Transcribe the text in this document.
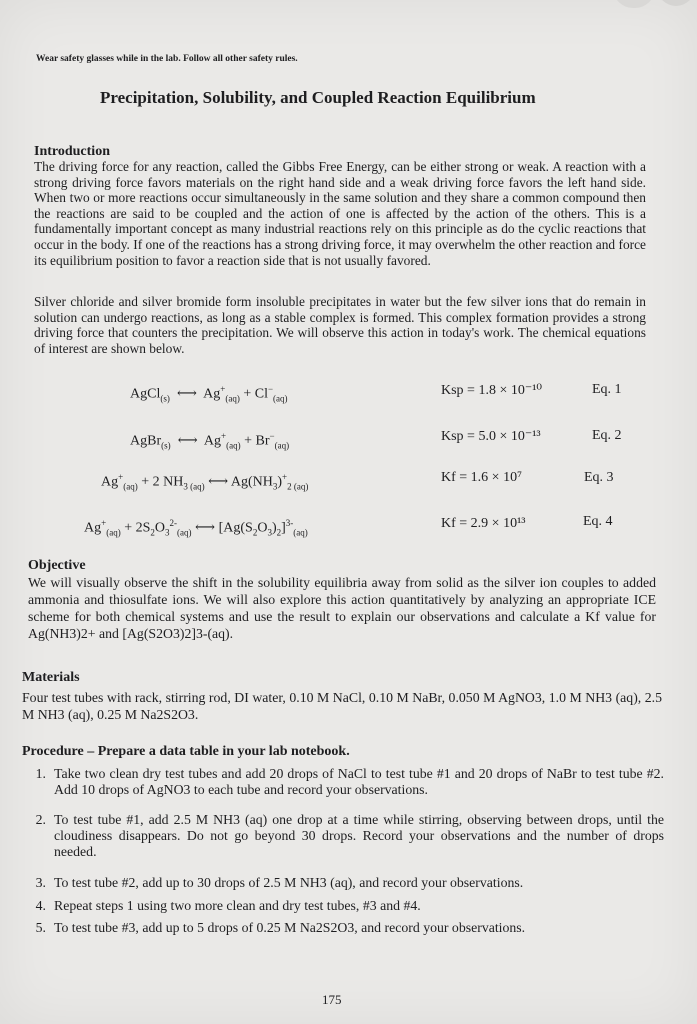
Wear safety glasses while in the lab. Follow all other safety rules.
Precipitation, Solubility, and Coupled Reaction Equilibrium
Introduction
The driving force for any reaction, called the Gibbs Free Energy, can be either strong or weak. A reaction with a strong driving force favors materials on the right hand side and a weak driving force favors the left hand side. When two or more reactions occur simultaneously in the same solution and they share a common compound then the reactions are said to be coupled and the action of one is affected by the action of the others. This is a fundamentally important concept as many industrial reactions rely on this principle as do the cyclic reactions that occur in the body. If one of the reactions has a strong driving force, it may overwhelm the other reaction and force its equilibrium position to favor a reaction side that is not usually favored.
Silver chloride and silver bromide form insoluble precipitates in water but the few silver ions that do remain in solution can undergo reactions, as long as a stable complex is formed. This complex formation provides a strong driving force that counters the precipitation. We will observe this action in today's work. The chemical equations of interest are shown below.
AgCl$_{(s)}$  ⟷  $Ag^+_{(aq)} + Cl^-_{(aq)}$
Ksp = 1.8 × 10⁻¹⁰	Eq. 1
AgBr$_{(s)}$  ⟷  $Ag^+_{(aq)} + Br^-_{(aq)}$
Ksp = 5.0 × 10⁻¹³	Eq. 2
$Ag^+_{(aq)} + 2$ $NH_{3 (aq)}$ ⟷ $Ag(NH_3)^+_{2 (aq)}$
Kf = 1.6 × 10⁷	Eq. 3
$Ag^+_{(aq)} + 2S_2O_3^{2-}_{(aq)}$ ⟷ $[Ag(S_2O_3)_2]^{3-}_{(aq)}$
Kf = 2.9 × 10¹³	Eq. 4
Objective
We will visually observe the shift in the solubility equilibria away from solid as the silver ion couples to added ammonia and thiosulfate ions. We will also explore this action quantitatively by analyzing an appropriate ICE scheme for both chemical systems and use the result to explain our observations and calculate a Kf value for Ag(NH3)2+ and [Ag(S2O3)2]3-(aq).
Materials
Four test tubes with rack, stirring rod, DI water, 0.10 M NaCl, 0.10 M NaBr, 0.050 M AgNO3, 1.0 M NH3 (aq), 2.5 M NH3 (aq), 0.25 M Na2S2O3.
Procedure – Prepare a data table in your lab notebook.
1. Take two clean dry test tubes and add 20 drops of NaCl to test tube #1 and 20 drops of NaBr to test tube #2. Add 10 drops of AgNO3 to each tube and record your observations.
2. To test tube #1, add 2.5 M NH3 (aq) one drop at a time while stirring, observing between drops, until the cloudiness disappears. Do not go beyond 30 drops. Record your observations and the number of drops needed.
3. To test tube #2, add up to 30 drops of 2.5 M NH3 (aq), and record your observations.
4. Repeat steps 1 using two more clean and dry test tubes, #3 and #4.
5. To test tube #3, add up to 5 drops of 0.25 M Na2S2O3, and record your observations.
175
